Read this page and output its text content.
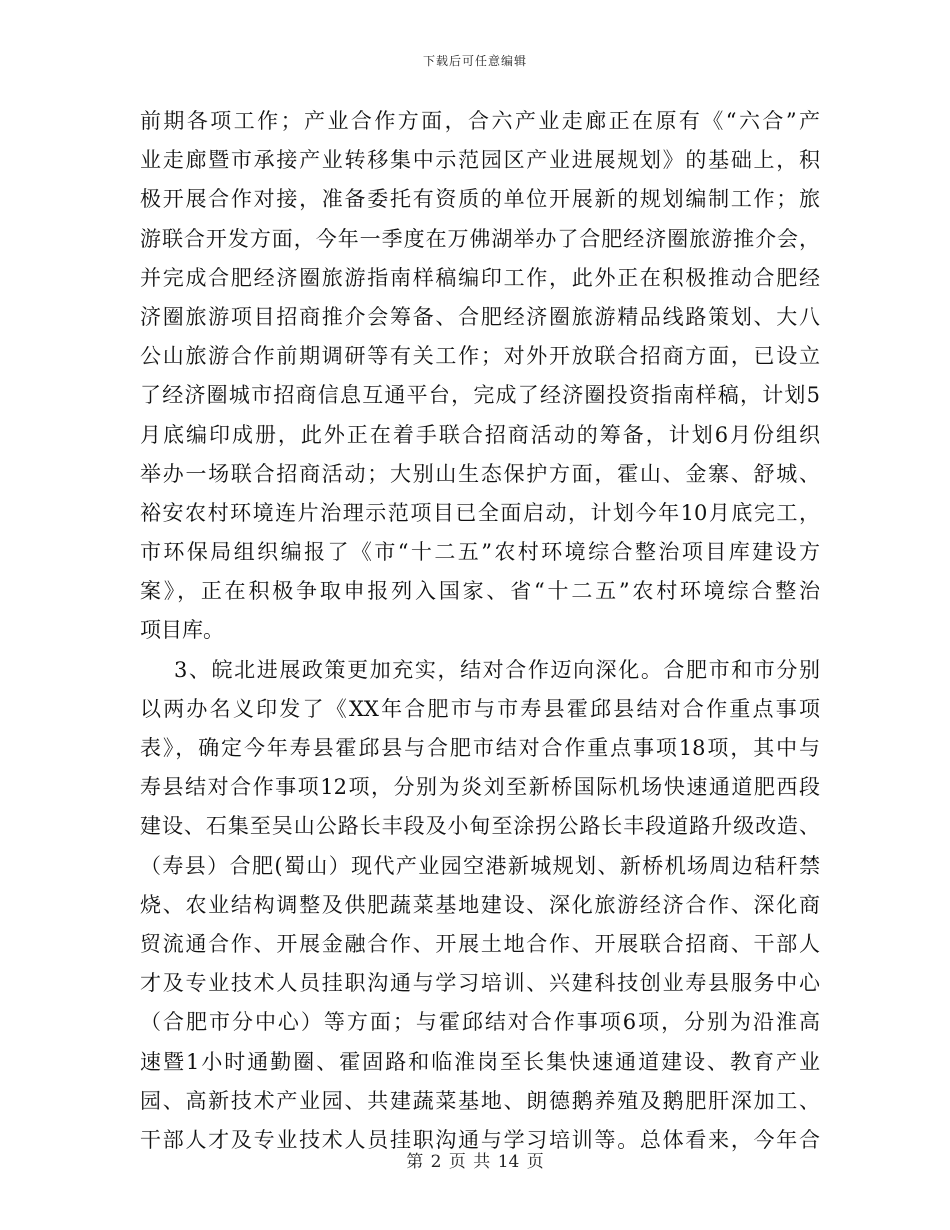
下载后可任意编辑
前期各项工作；产业合作方面，合六产业走廊正在原有《“六合”产
业走廊暨市承接产业转移集中示范园区产业进展规划》的基础上，积
极开展合作对接，准备委托有资质的单位开展新的规划编制工作；旅
游联合开发方面，今年一季度在万佛湖举办了合肥经济圈旅游推介会，
并完成合肥经济圈旅游指南样稿编印工作，此外正在积极推动合肥经
济圈旅游项目招商推介会筹备、合肥经济圈旅游精品线路策划、大八
公山旅游合作前期调研等有关工作；对外开放联合招商方面，已设立
了经济圈城市招商信息互通平台，完成了经济圈投资指南样稿，计划5
月底编印成册，此外正在着手联合招商活动的筹备，计划6月份组织
举办一场联合招商活动；大别山生态保护方面，霍山、金寨、舒城、
裕安农村环境连片治理示范项目已全面启动，计划今年10月底完工，
市环保局组织编报了《市“十二五”农村环境综合整治项目库建设方
案》，正在积极争取申报列入国家、省“十二五”农村环境综合整治
项目库。
3、皖北进展政策更加充实，结对合作迈向深化。合肥市和市分别
以两办名义印发了《XX年合肥市与市寿县霍邱县结对合作重点事项
表》，确定今年寿县霍邱县与合肥市结对合作重点事项18项，其中与
寿县结对合作事项12项，分别为炎刘至新桥国际机场快速通道肥西段
建设、石集至吴山公路长丰段及小甸至涂拐公路长丰段道路升级改造、
（寿县）合肥(蜀山）现代产业园空港新城规划、新桥机场周边秸秆禁
烧、农业结构调整及供肥蔬菜基地建设、深化旅游经济合作、深化商
贸流通合作、开展金融合作、开展土地合作、开展联合招商、干部人
才及专业技术人员挂职沟通与学习培训、兴建科技创业寿县服务中心
（合肥市分中心）等方面；与霍邱结对合作事项6项，分别为沿淮高
速暨1小时通勤圈、霍固路和临淮岗至长集快速通道建设、教育产业
园、高新技术产业园、共建蔬菜基地、朗德鹅养殖及鹅肥肝深加工、
干部人才及专业技术人员挂职沟通与学习培训等。总体看来，今年合
第 2 页 共 14 页
